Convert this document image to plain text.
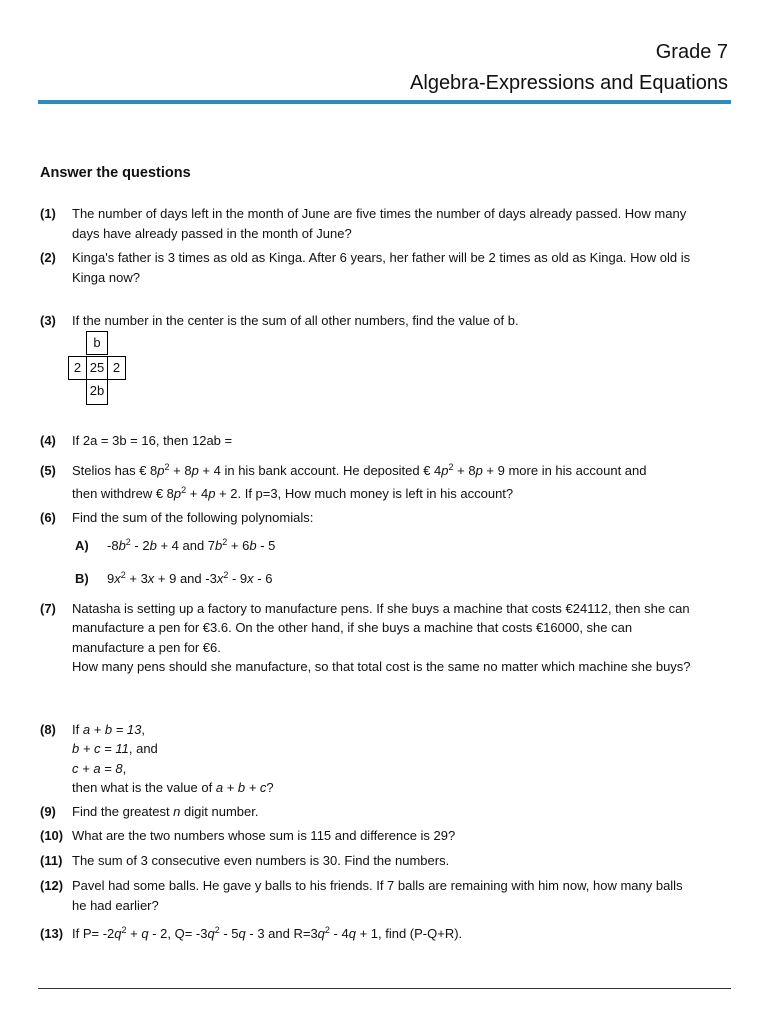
Grade 7
Algebra-Expressions and Equations
Answer the questions
(1) The number of days left in the month of June are five times the number of days already passed. How many days have already passed in the month of June?
(2) Kinga's father is 3 times as old as Kinga. After 6 years, her father will be 2 times as old as Kinga. How old is Kinga now?
(3) If the number in the center is the sum of all other numbers, find the value of b.
b
2 25 2
2b
(4) If 2a = 3b = 16, then 12ab =
(5) Stelios has € $8p^2 + 8p + 4$ in his bank account. He deposited € $4p^2 + 8p + 9$ more in his account and
then withdrew € $8p^2 + 4p + 2$. If p=3, How much money is left in his account?
(6) Find the sum of the following polynomials:
A) $-8b^2 - 2b + 4$ and $7b^2 + 6b - 5$
B) $9x^2 + 3x + 9$ and $-3x^2 - 9x - 6$
(7) Natasha is setting up a factory to manufacture pens. If she buys a machine that costs €24112, then she can manufacture a pen for €3.6. On the other hand, if she buys a machine that costs €16000, she can manufacture a pen for €6.
How many pens should she manufacture, so that total cost is the same no matter which machine she buys?
(8) If a + b = 13,
b + c = 11, and
c + a = 8,
then what is the value of a + b + c?
(9) Find the greatest n digit number.
(10) What are the two numbers whose sum is 115 and difference is 29?
(11) The sum of 3 consecutive even numbers is 30. Find the numbers.
(12) Pavel had some balls. He gave y balls to his friends. If 7 balls are remaining with him now, how many balls he had earlier?
(13) If $P= -2q^2 + q - 2$, $Q= -3q^2 - 5q - 3$ and $R=3q^2 - 4q + 1$, find (P-Q+R).
